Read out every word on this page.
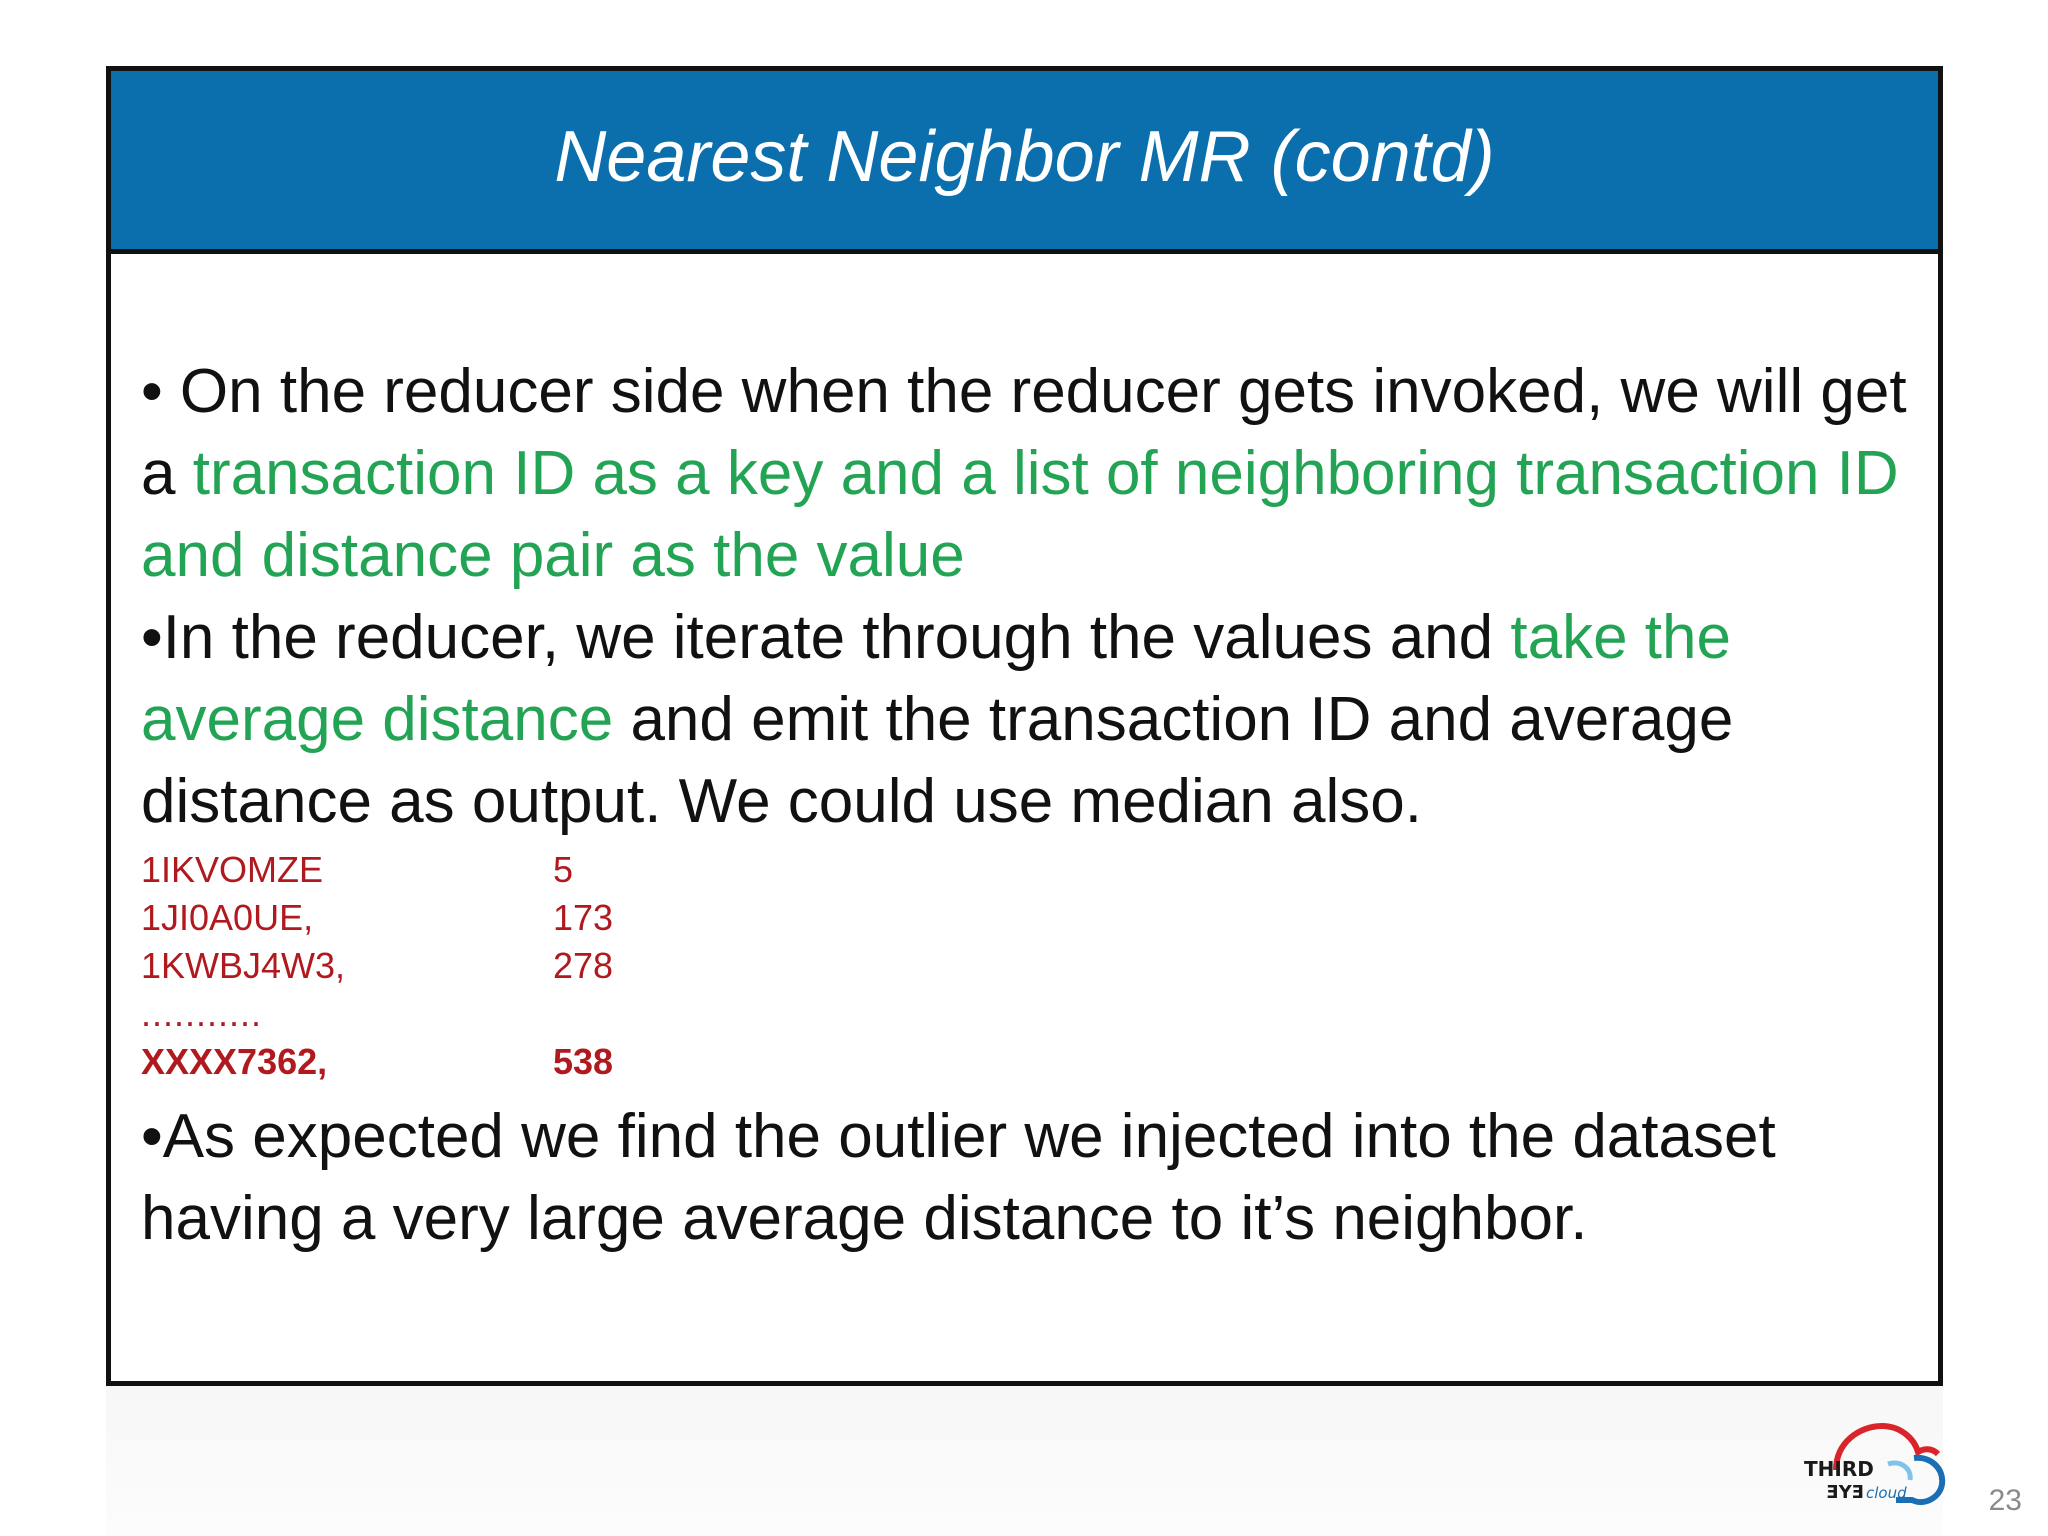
Nearest Neighbor MR (contd)

• On the reducer side when the reducer gets invoked, we will get a transaction ID as a key and a list of neighboring transaction ID and distance pair as the value

•In the reducer, we iterate through the values and take the average distance and emit the transaction ID and average distance as output. We could use median also.

1IKVOMZE	5
1JI0A0UE,	173
1KWBJ4W3,	278
...........
XXXX7362,	538

•As expected we find the outlier we injected into the dataset having a very large average distance to it’s neighbor.

THIRD
EYE cloud	23
